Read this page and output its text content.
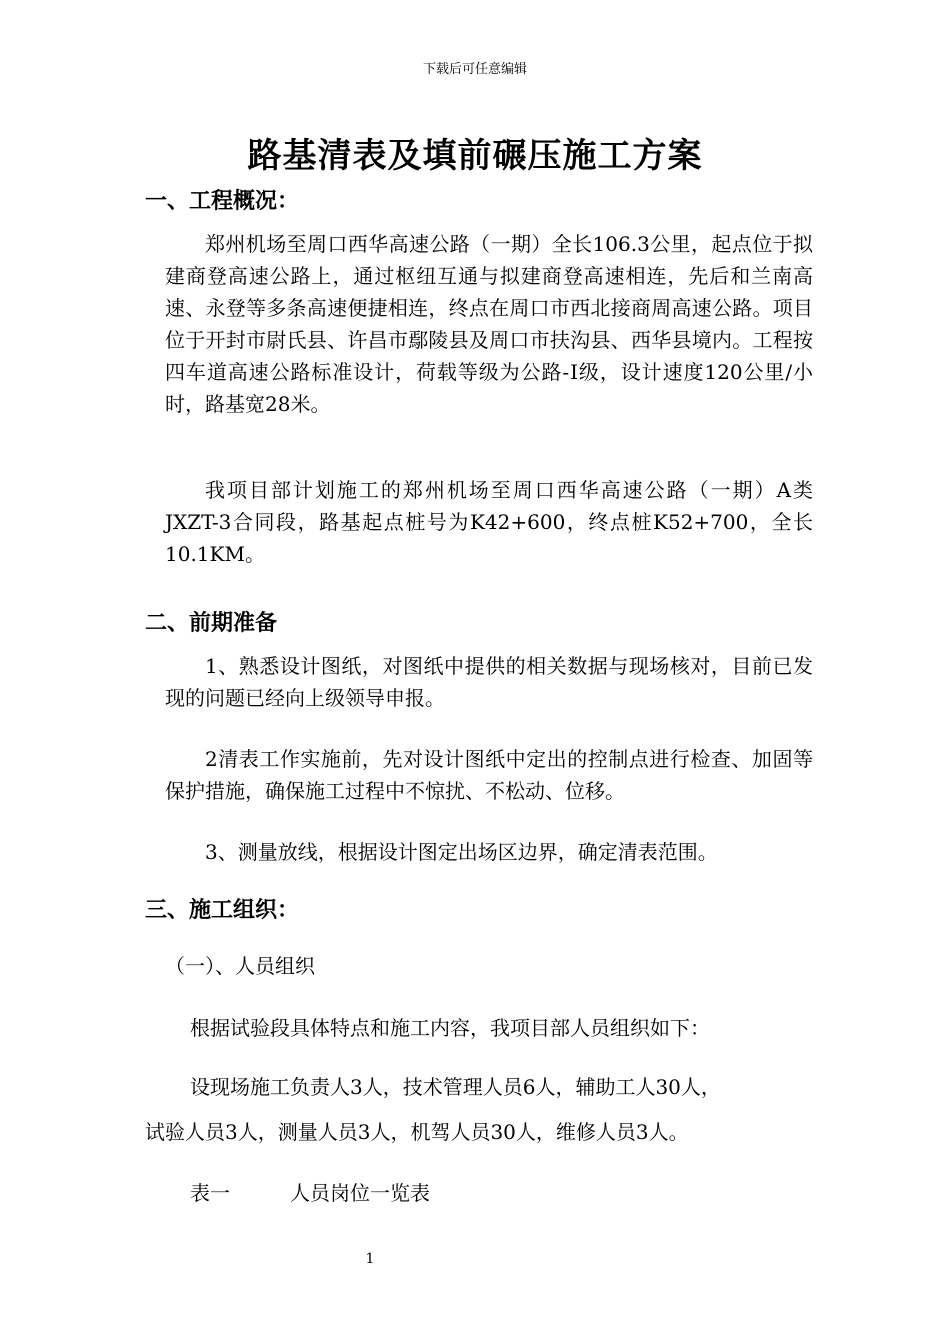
下载后可任意编辑
路基清表及填前碾压施工方案
一、工程概况：

郑州机场至周口西华高速公路（一期）全长106.3公里，起点位于拟建商登高速公路上，通过枢纽互通与拟建商登高速相连，先后和兰南高速、永登等多条高速便捷相连，终点在周口市西北接商周高速公路。项目位于开封市尉氏县、许昌市鄢陵县及周口市扶沟县、西华县境内。工程按四车道高速公路标准设计，荷载等级为公路-Ⅰ级，设计速度120公里/小时，路基宽28米。

我项目部计划施工的郑州机场至周口西华高速公路（一期）A类JXZT-3合同段，路基起点桩号为K42+600，终点桩K52+700，全长10.1KM。

二、前期准备

1、熟悉设计图纸，对图纸中提供的相关数据与现场核对，目前已发现的问题已经向上级领导申报。

2清表工作实施前，先对设计图纸中定出的控制点进行检查、加固等保护措施，确保施工过程中不惊扰、不松动、位移。

3、测量放线，根据设计图定出场区边界，确定清表范围。

三、施工组织：

（一）、人员组织

根据试验段具体特点和施工内容，我项目部人员组织如下：

设现场施工负责人3人，技术管理人员6人，辅助工人30人，

试验人员3人，测量人员3人，机驾人员30人，维修人员3人。

表一	人员岗位一览表

1
